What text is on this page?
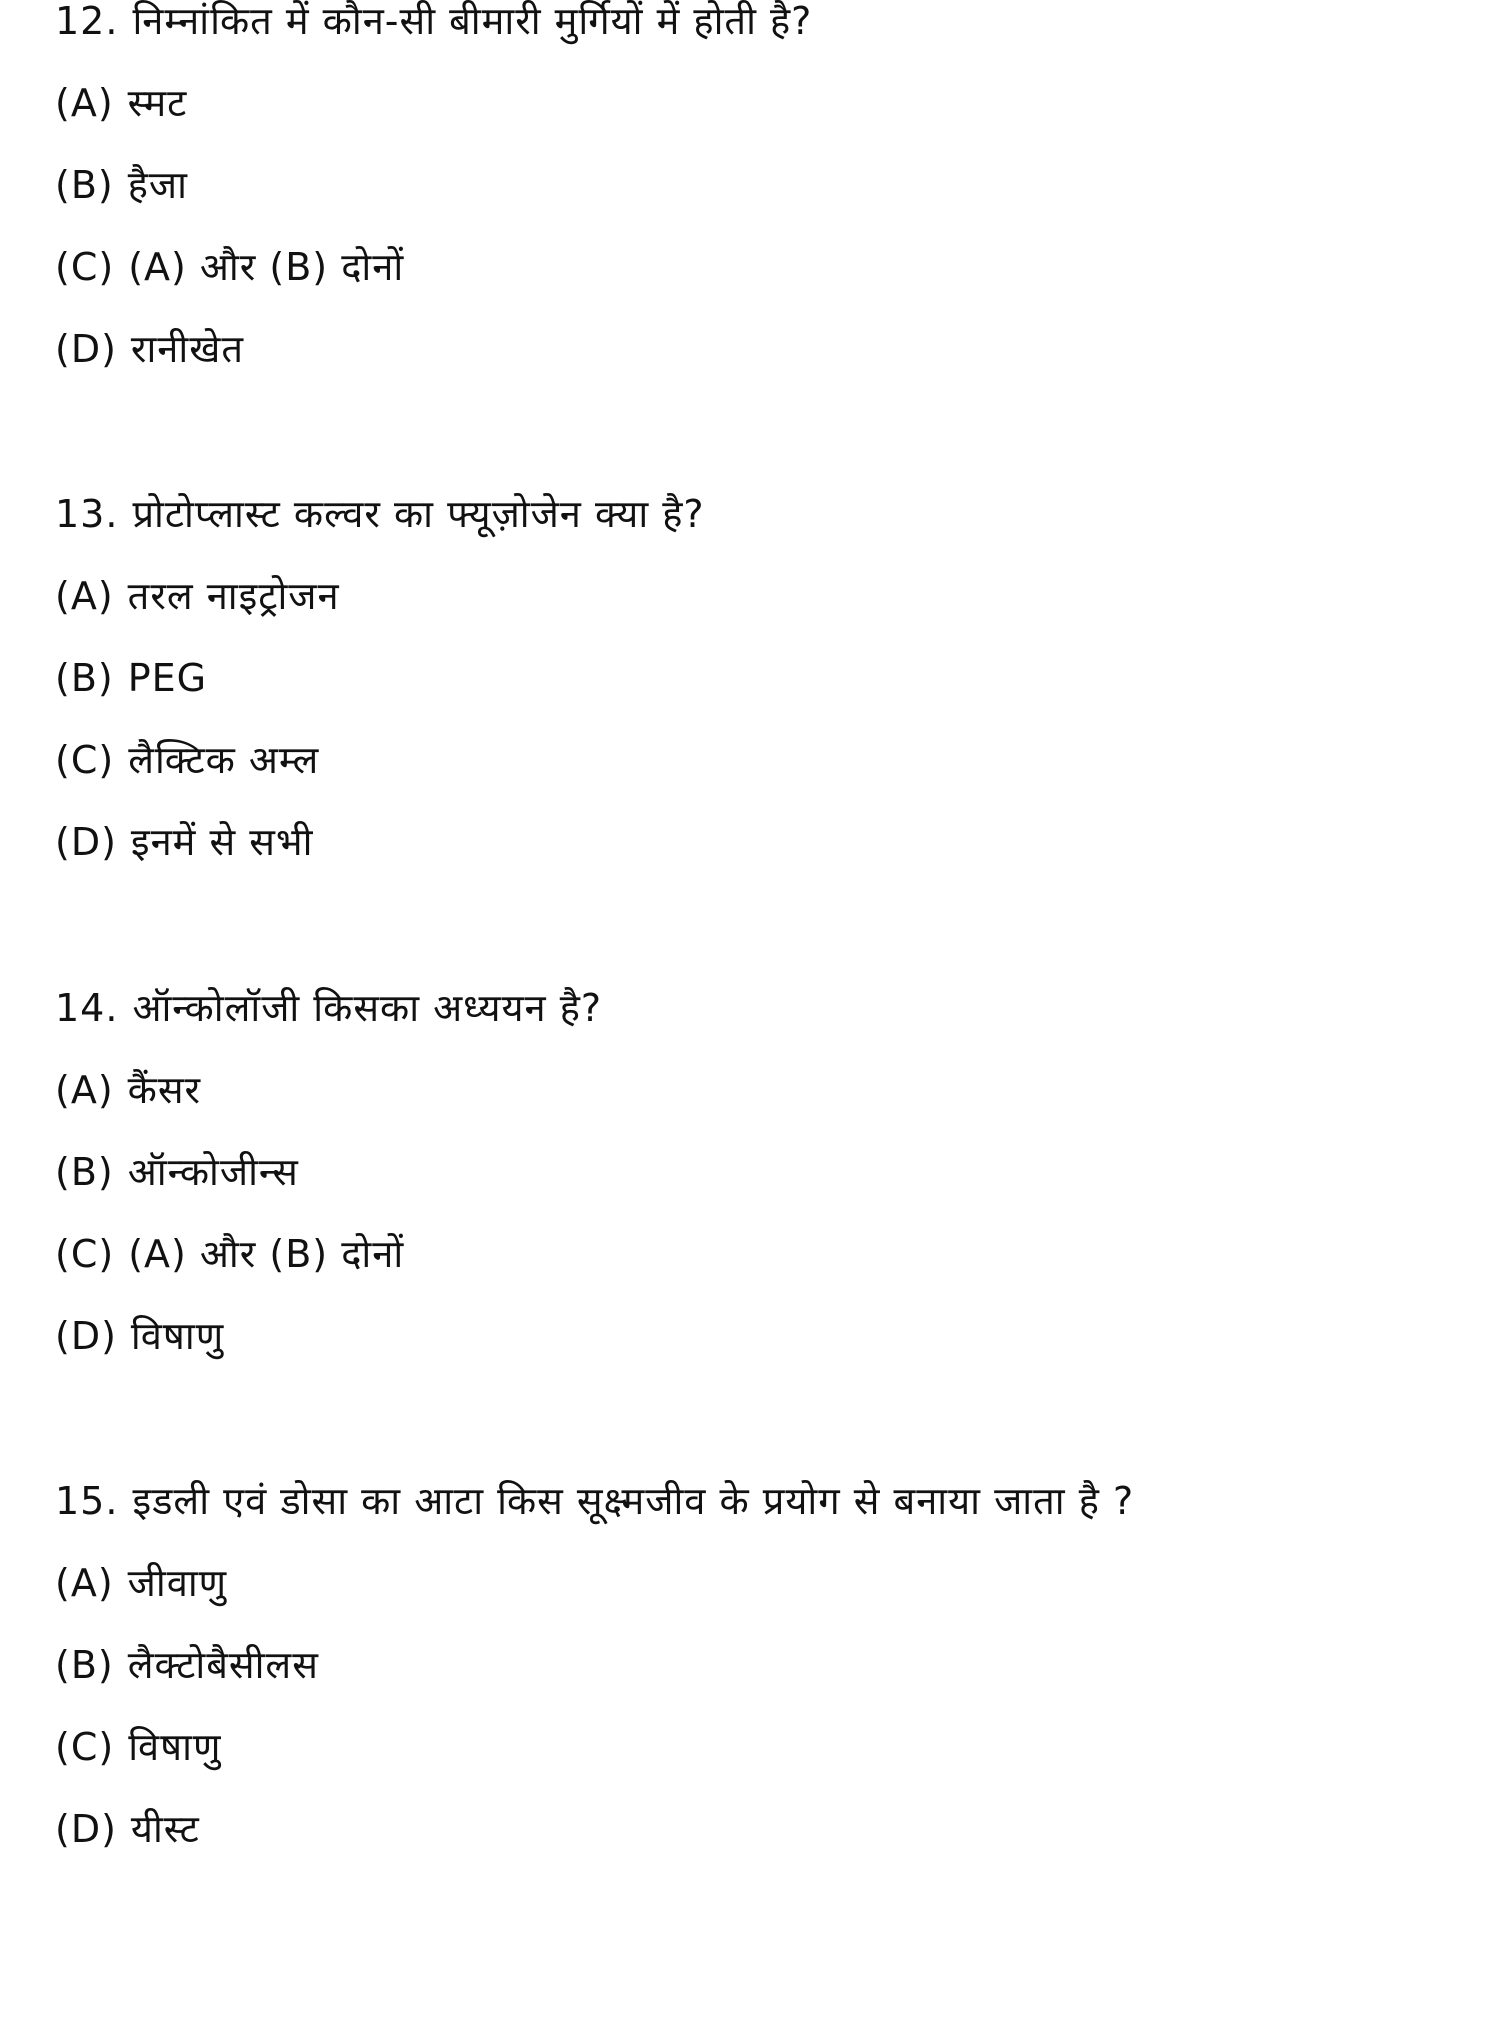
12. निम्नांकित में कौन-सी बीमारी मुर्गियों में होती है?
(A) स्मट
(B) हैजा
(C) (A) और (B) दोनों
(D) रानीखेत
13. प्रोटोप्लास्ट कल्वर का फ्यूज़ोजेन क्या है?
(A) तरल नाइट्रोजन
(B) PEG
(C) लैक्टिक अम्ल
(D) इनमें से सभी
14. ऑन्कोलॉजी किसका अध्ययन है?
(A) कैंसर
(B) ऑन्कोजीन्स
(C) (A) और (B) दोनों
(D) विषाणु
15. इडली एवं डोसा का आटा किस सूक्ष्मजीव के प्रयोग से बनाया जाता है ?
(A) जीवाणु
(B) लैक्टोबैसीलस
(C) विषाणु
(D) यीस्ट
